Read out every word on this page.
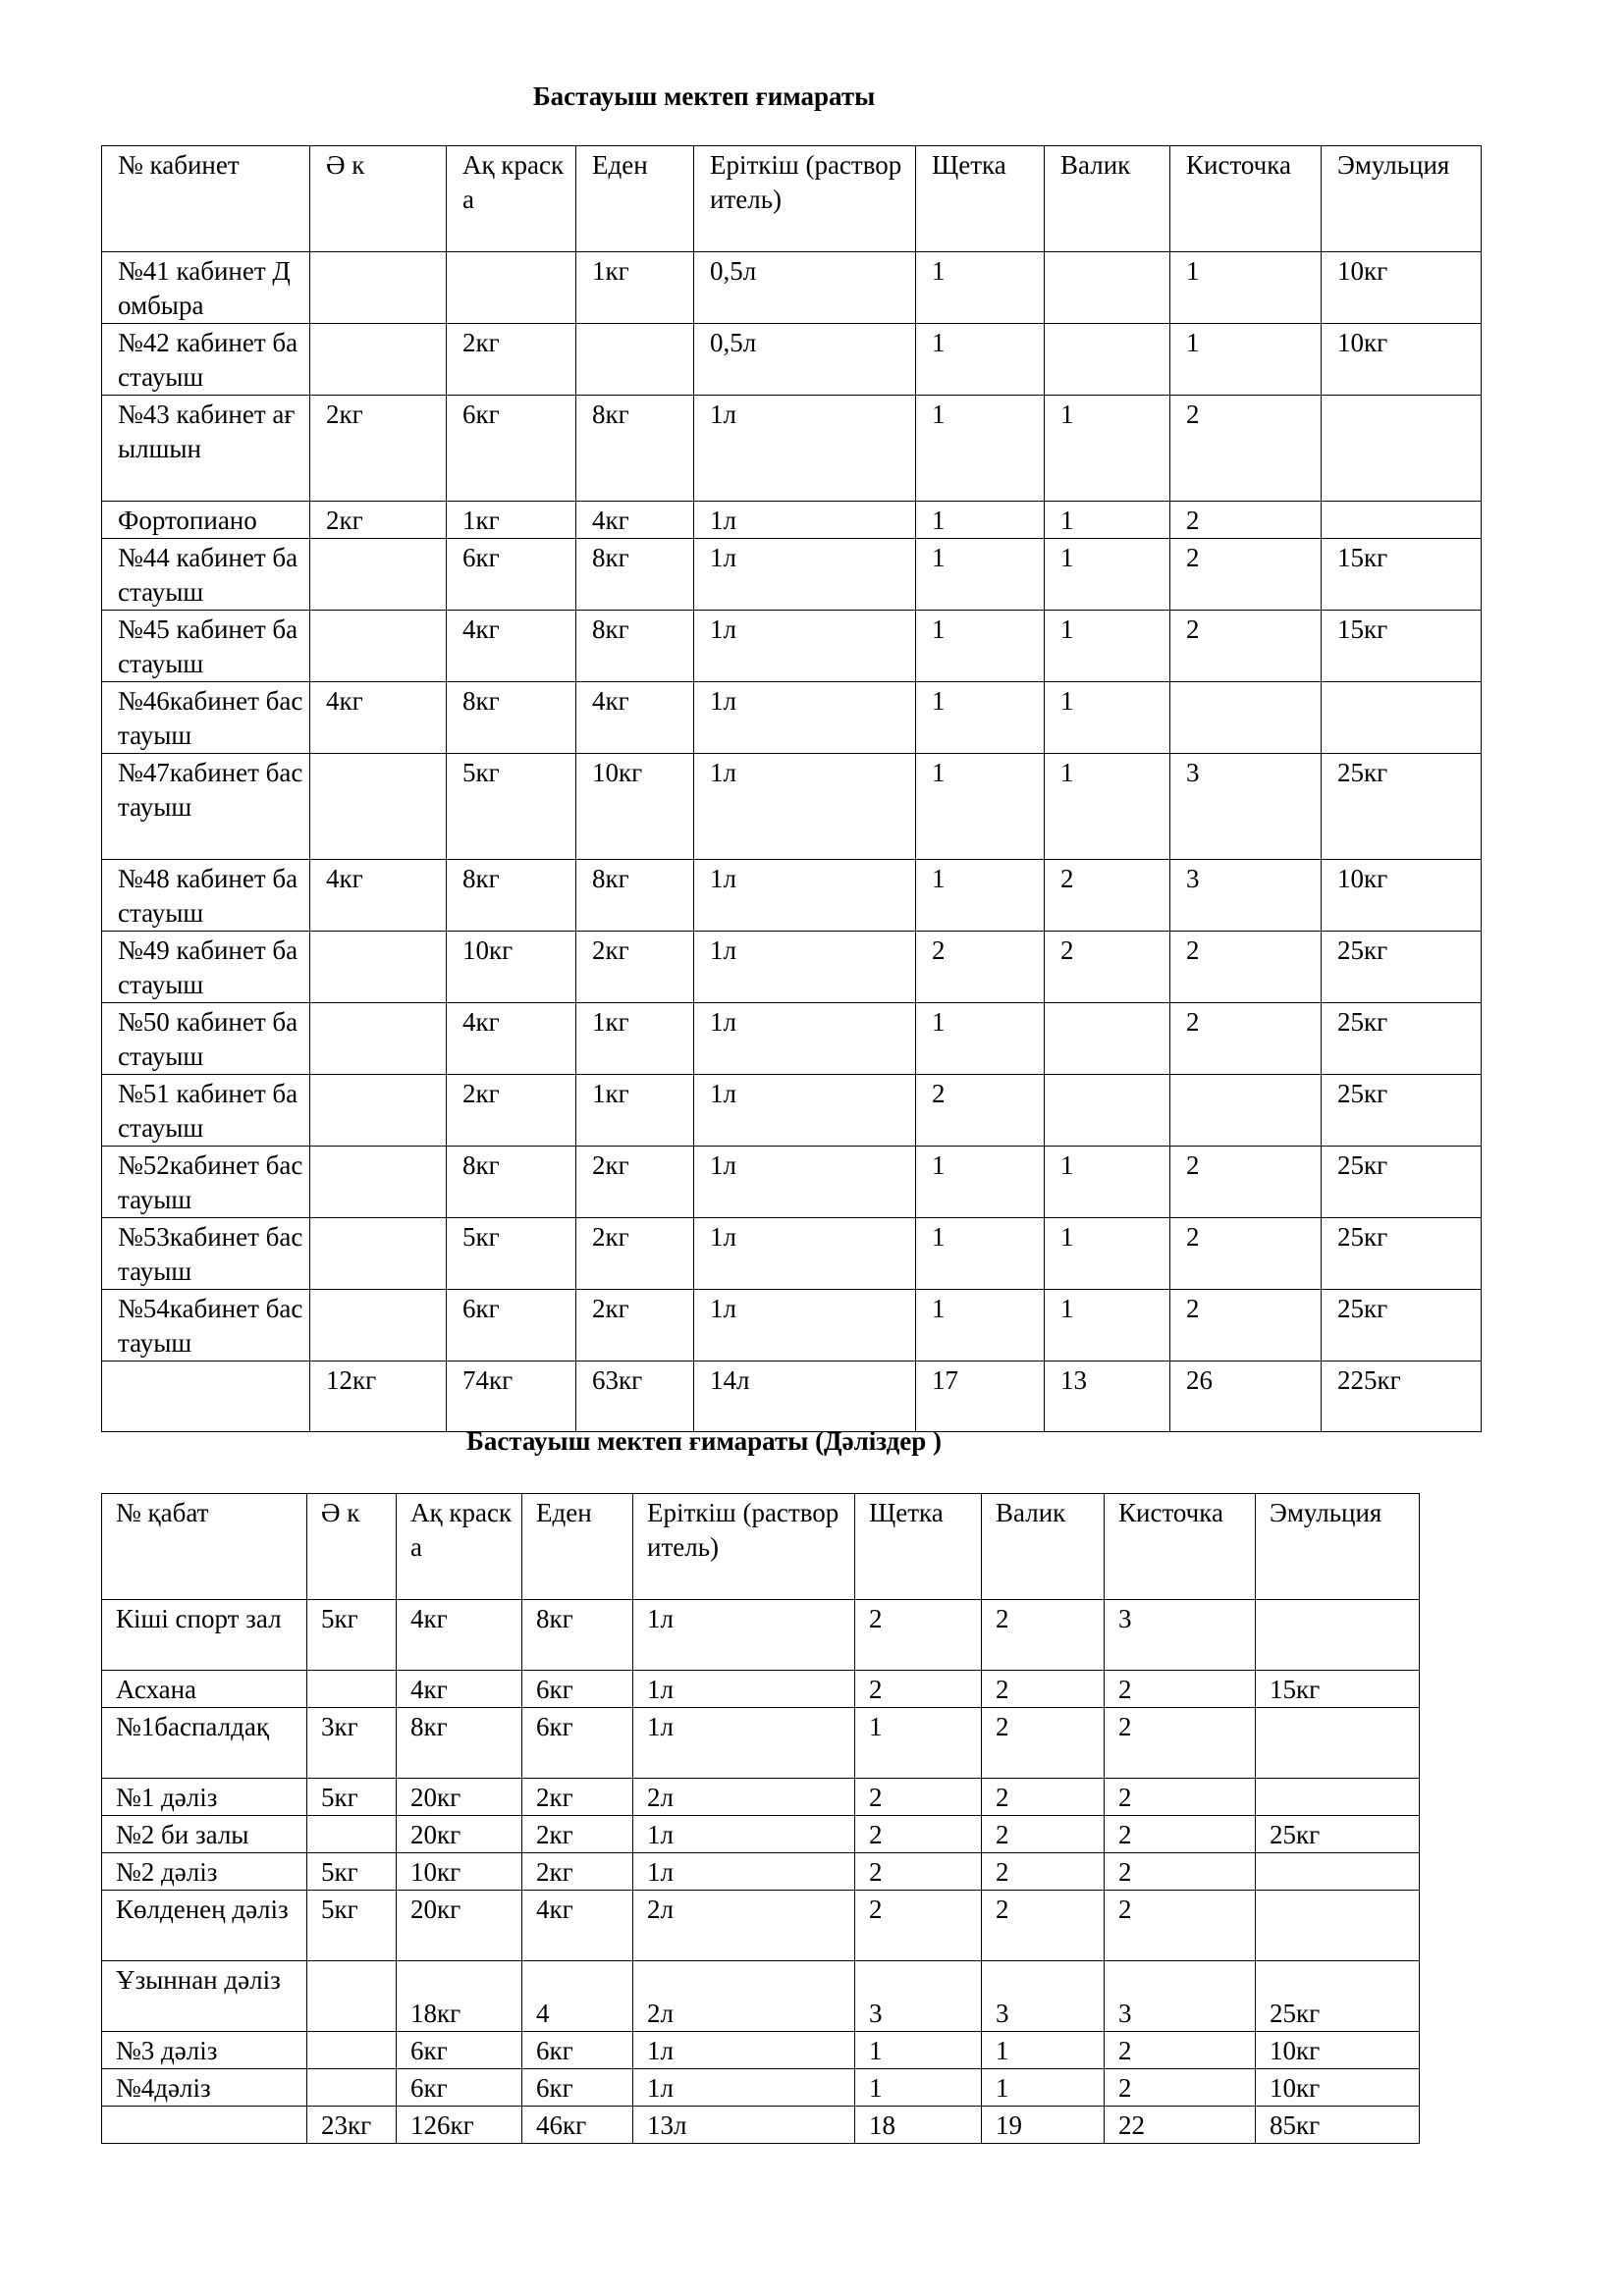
Бастауыш мектеп ғимараты
№ кабинет	Ә к	Ақ краска	Еден	Еріткіш (растворитель)	Щетка	Валик	Кисточка	Эмульция
№41 кабинет Домбыра			1кг	0,5л	1		1	10кг
№42 кабинет бастауыш		2кг		0,5л	1		1	10кг
№43 кабинет ағылшын	2кг	6кг	8кг	1л	1	1	2	
Фортопиано	2кг	1кг	4кг	1л	1	1	2	
№44 кабинет бастауыш		6кг	8кг	1л	1	1	2	15кг
№45 кабинет бастауыш		4кг	8кг	1л	1	1	2	15кг
№46кабинет бастауыш	4кг	8кг	4кг	1л	1	1		
№47кабинет бастауыш		5кг	10кг	1л	1	1	3	25кг
№48 кабинет бастауыш	4кг	8кг	8кг	1л	1	2	3	10кг
№49 кабинет бастауыш		10кг	2кг	1л	2	2	2	25кг
№50 кабинет бастауыш		4кг	1кг	1л	1		2	25кг
№51 кабинет бастауыш		2кг	1кг	1л	2			25кг
№52кабинет бастауыш		8кг	2кг	1л	1	1	2	25кг
№53кабинет бастауыш		5кг	2кг	1л	1	1	2	25кг
№54кабинет бастауыш		6кг	2кг	1л	1	1	2	25кг
	12кг	74кг	63кг	14л	17	13	26	225кг
Бастауыш мектеп ғимараты (Дәліздер )
№ қабат	Ә к	Ақ краска	Еден	Еріткіш (растворитель)	Щетка	Валик	Кисточка	Эмульция
Кіші спорт зал	5кг	4кг	8кг	1л	2	2	3	
Асхана		4кг	6кг	1л	2	2	2	15кг
№1баспалдақ	3кг	8кг	6кг	1л	1	2	2	
№1 дәліз	5кг	20кг	2кг	2л	2	2	2	
№2 би залы		20кг	2кг	1л	2	2	2	25кг
№2 дәліз	5кг	10кг	2кг	1л	2	2	2	
Көлденең дәліз	5кг	20кг	4кг	2л	2	2	2	
Ұзыннан дәліз		18кг	4	2л	3	3	3	25кг
№3 дәліз		6кг	6кг	1л	1	1	2	10кг
№4дәліз		6кг	6кг	1л	1	1	2	10кг
	23кг	126кг	46кг	13л	18	19	22	85кг
